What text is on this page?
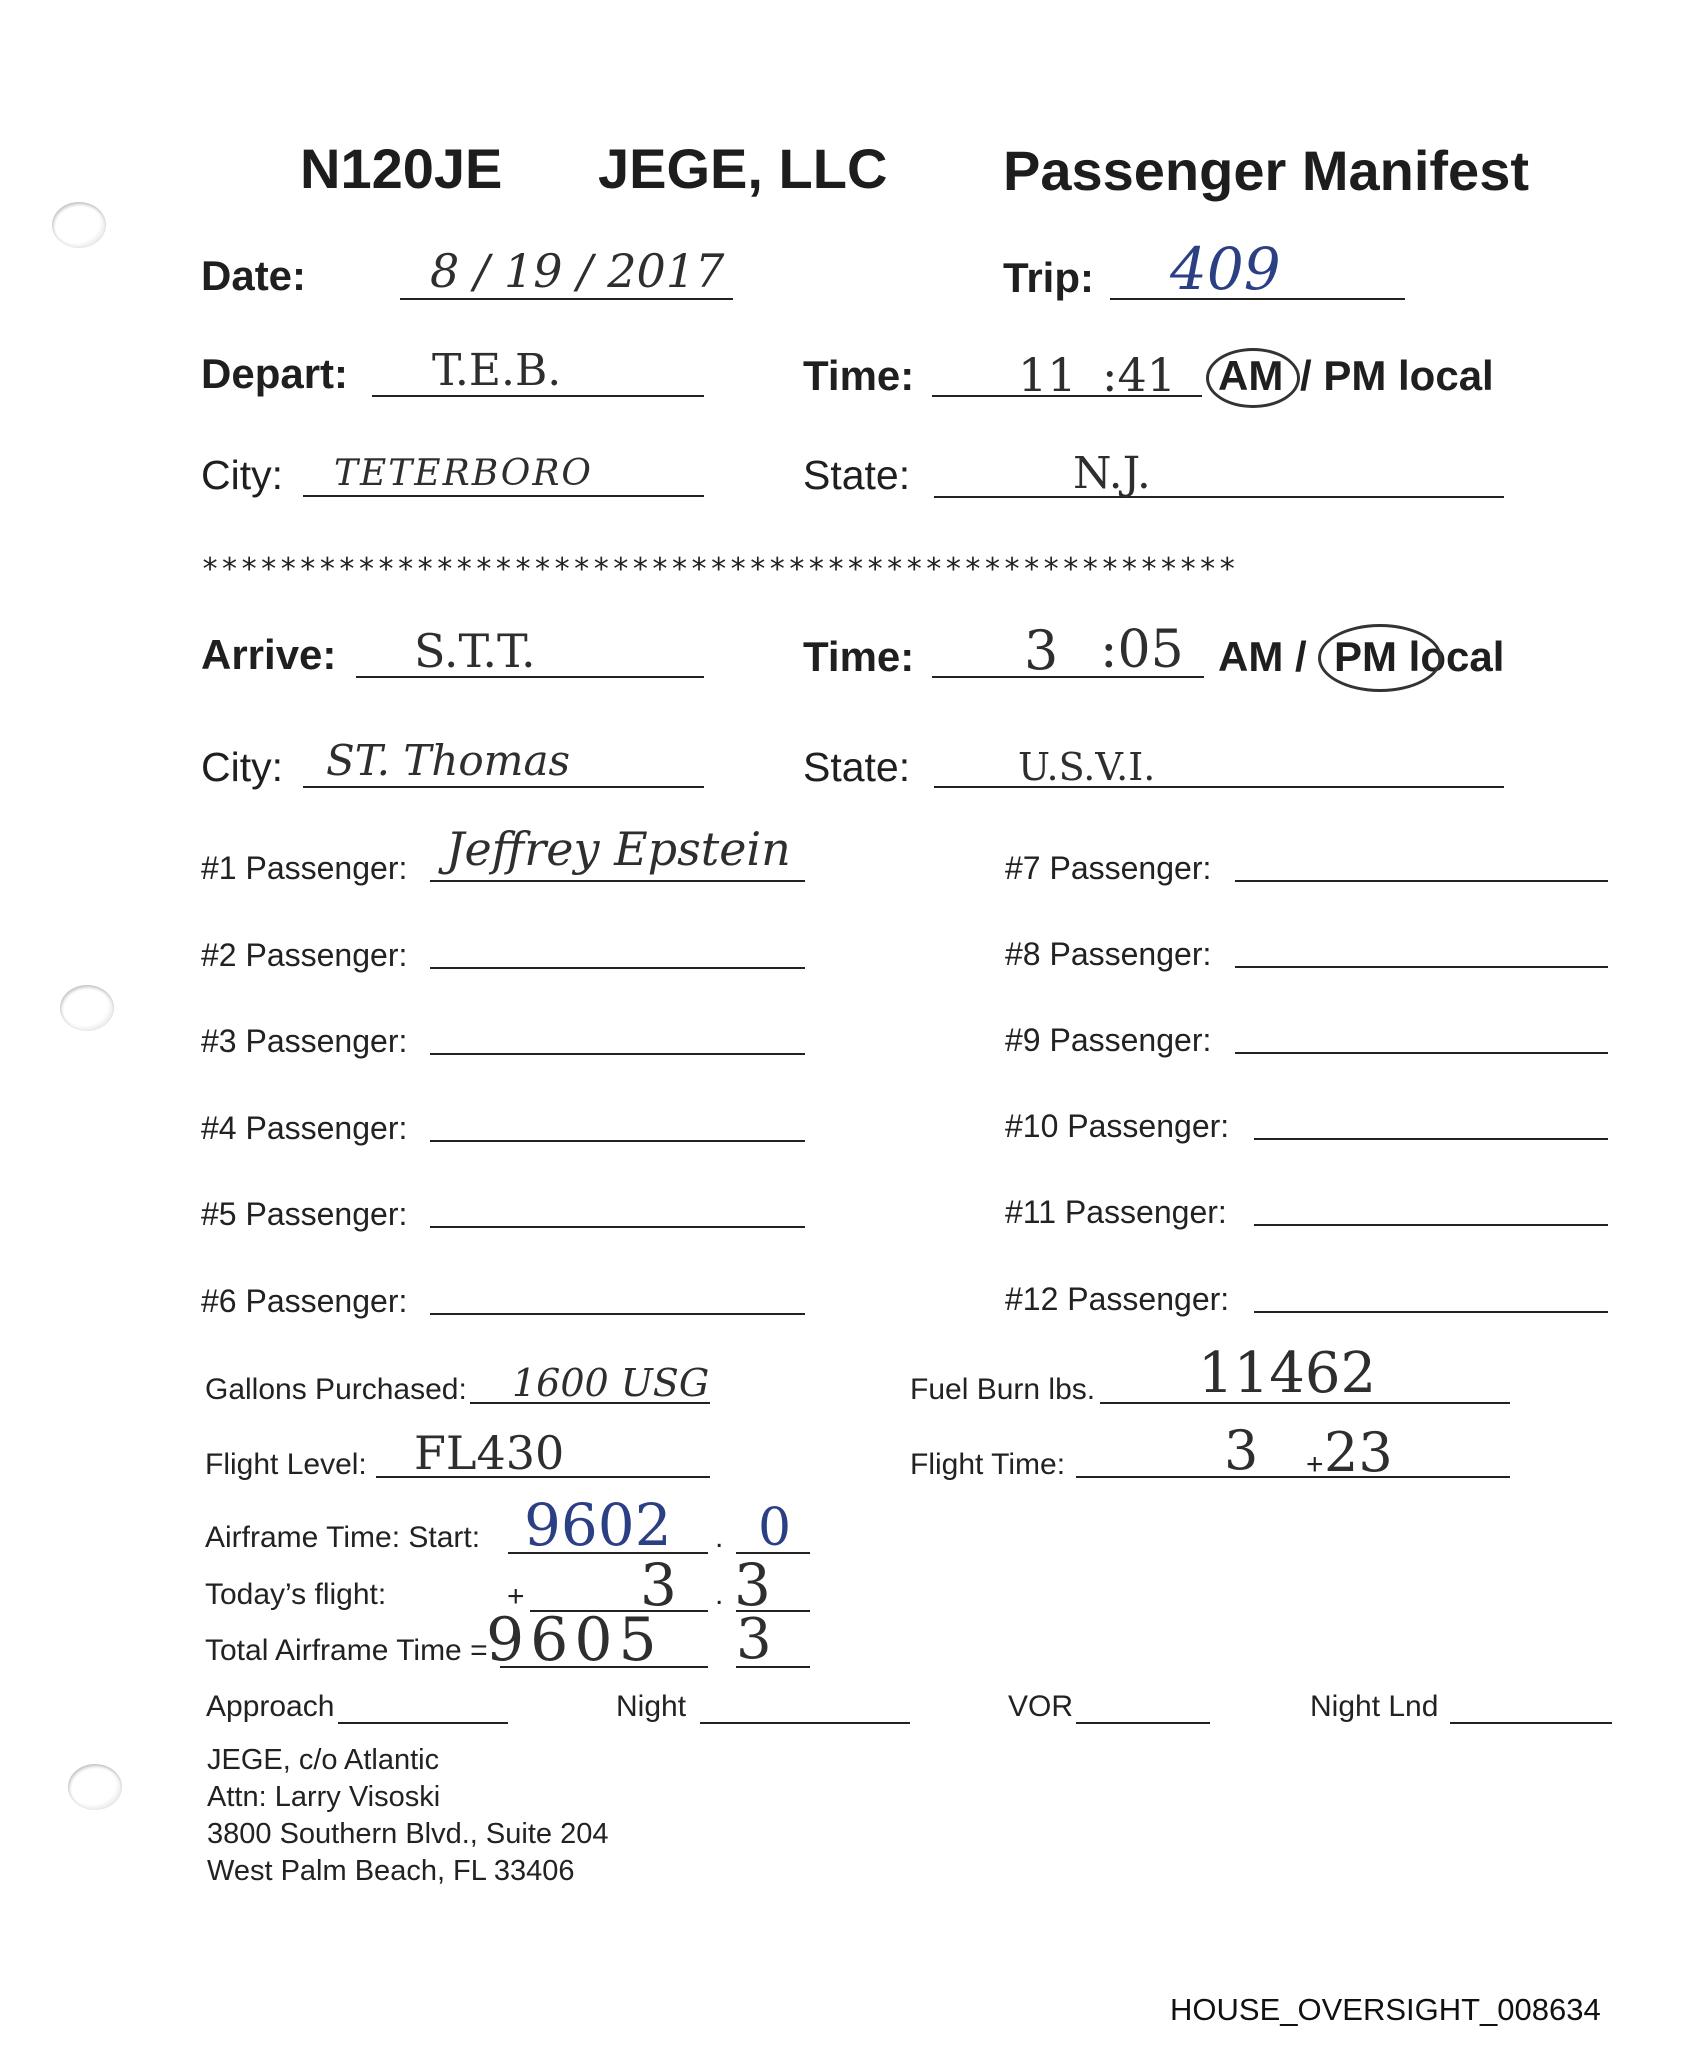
N120JE JEGE, LLC Passenger Manifest
Date:	8 / 19 / 2017	Trip: 409
Depart: T.E.B.	Time: 11 :41 AM / PM local
City: TETERBORO	State:	N.J.
*****************************************************
Arrive: S.T.T.	Time: 3 :05 AM / PM local
City: ST. Thomas	State:	U.S.V.I.
#1 Passenger: Jeffrey Epstein
#2 Passenger:
#3 Passenger:
#4 Passenger:
#5 Passenger:
#6 Passenger:
#7 Passenger:
#8 Passenger:
#9 Passenger:
#10 Passenger:
#11 Passenger:
#12 Passenger:
Gallons Purchased: 1600 USG	Fuel Burn lbs. 11462
Flight Level: FL430	Flight Time:	3 + 23
Airframe Time: Start: 9602 . 0
Today’s flight:	+ 3 . 3
Total Airframe Time =
9605 3
Approach	Night	VOR	Night Lnd
JEGE, c/o Atlantic
Attn: Larry Visoski
3800 Southern Blvd., Suite 204
West Palm Beach, FL 33406
HOUSE_OVERSIGHT_008634
